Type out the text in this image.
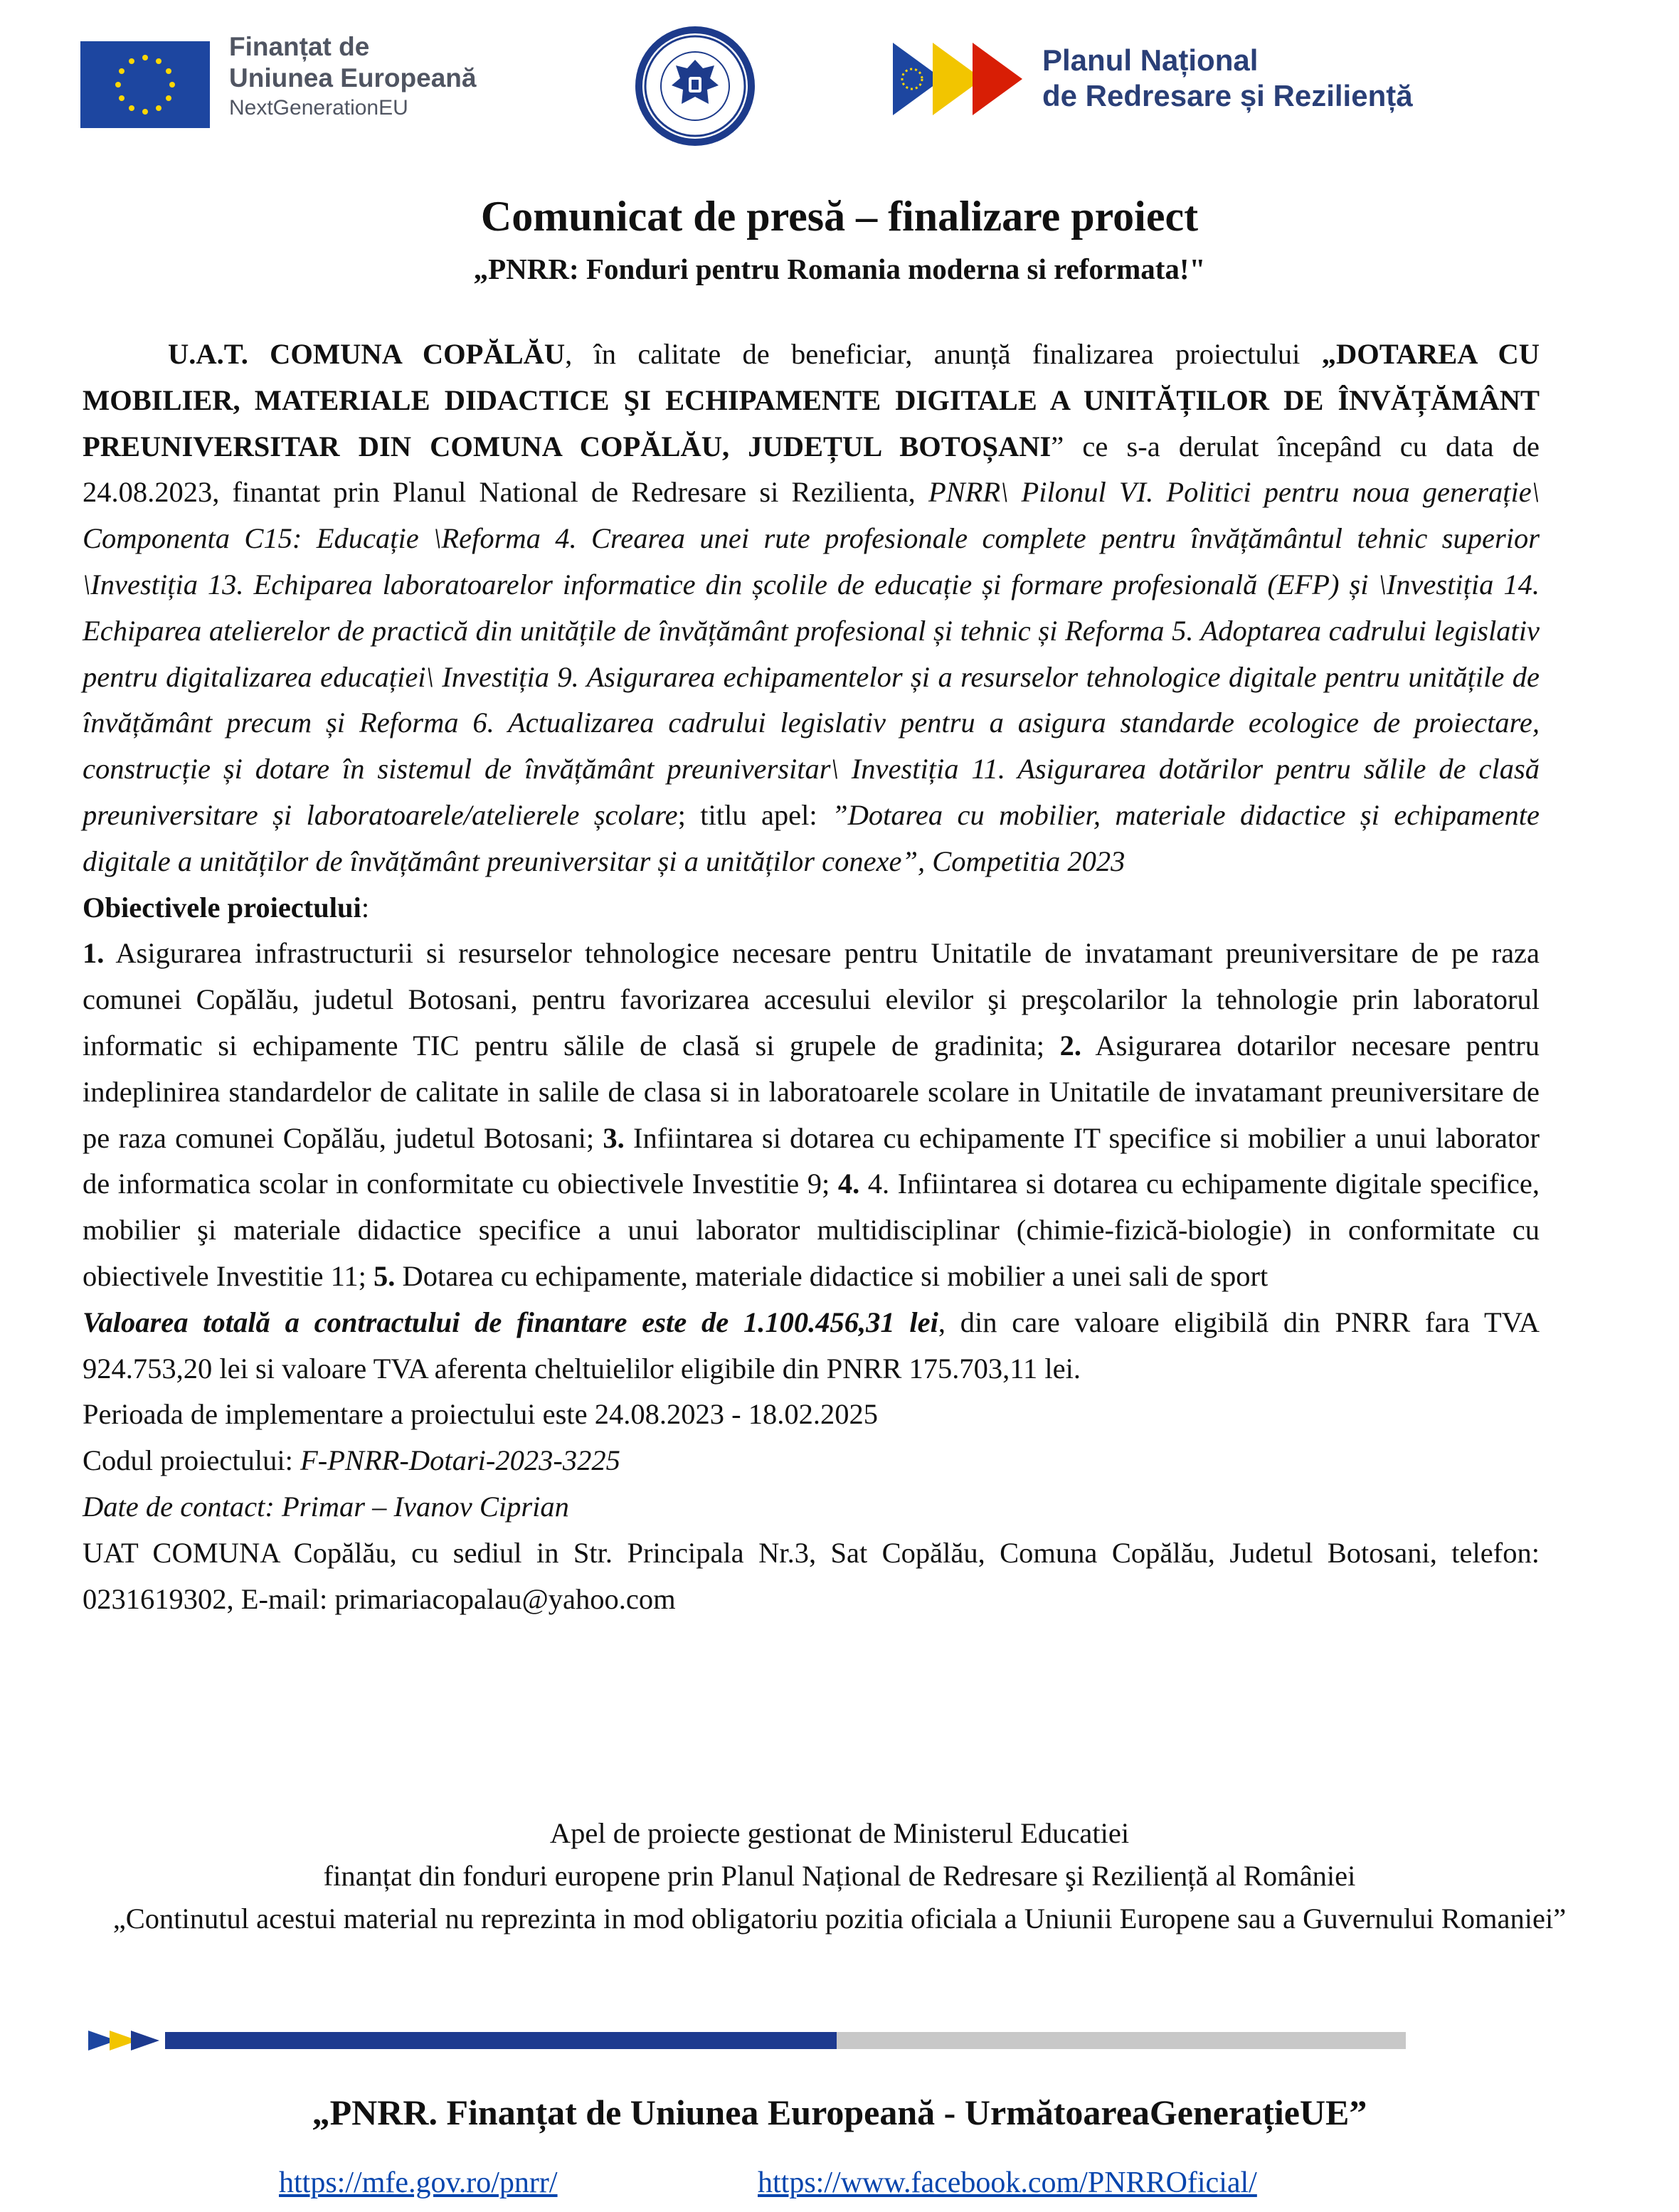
Finanțat de
Uniunea Europeană
NextGenerationEU
Planul Național
de Redresare și Reziliență
Comunicat de presă – finalizare proiect
„PNRR: Fonduri pentru Romania moderna si reformata!"

U.A.T. COMUNA COPĂLĂU, în calitate de beneficiar, anunță finalizarea proiectului „DOTAREA CU MOBILIER, MATERIALE DIDACTICE ŞI ECHIPAMENTE DIGITALE A UNITĂȚILOR DE ÎNVĂȚĂMÂNT PREUNIVERSITAR DIN COMUNA COPĂLĂU, JUDEȚUL BOTOȘANI” ce s-a derulat începând cu data de 24.08.2023, finantat prin Planul National de Redresare si Rezilienta, PNRR\ Pilonul VI. Politici pentru noua generație\ Componenta C15: Educație \Reforma 4. Crearea unei rute profesionale complete pentru învățământul tehnic superior \Investiția 13. Echiparea laboratoarelor informatice din școlile de educație și formare profesională (EFP) și \Investiția 14. Echiparea atelierelor de practică din unitățile de învățământ profesional și tehnic și Reforma 5. Adoptarea cadrului legislativ pentru digitalizarea educației\ Investiția 9. Asigurarea echipamentelor și a resurselor tehnologice digitale pentru unitățile de învățământ precum și Reforma 6. Actualizarea cadrului legislativ pentru a asigura standarde ecologice de proiectare, construcție și dotare în sistemul de învățământ preuniversitar\ Investiția 11. Asigurarea dotărilor pentru sălile de clasă preuniversitare și laboratoarele/atelierele școlare; titlu apel: ”Dotarea cu mobilier, materiale didactice și echipamente digitale a unităților de învățământ preuniversitar și a unităților conexe”, Competitia 2023

Obiectivele proiectului:

1. Asigurarea infrastructurii si resurselor tehnologice necesare pentru Unitatile de invatamant preuniversitare de pe raza comunei Copălău, judetul Botosani, pentru favorizarea accesului elevilor şi preşcolarilor la tehnologie prin laboratorul informatic si echipamente TIC pentru sălile de clasă si grupele de gradinita; 2. Asigurarea dotarilor necesare pentru indeplinirea standardelor de calitate in salile de clasa si in laboratoarele scolare in Unitatile de invatamant preuniversitare de pe raza comunei Copălău, judetul Botosani; 3. Infiintarea si dotarea cu echipamente IT specifice si mobilier a unui laborator de informatica scolar in conformitate cu obiectivele Investitie 9; 4. 4. Infiintarea si dotarea cu echipamente digitale specifice, mobilier şi materiale didactice specifice a unui laborator multidisciplinar (chimie-fizică-biologie) in conformitate cu obiectivele Investitie 11; 5. Dotarea cu echipamente, materiale didactice si mobilier a unei sali de sport

Valoarea totală a contractului de finantare este de 1.100.456,31 lei, din care valoare eligibilă din PNRR fara TVA 924.753,20 lei si valoare TVA aferenta cheltuielilor eligibile din PNRR 175.703,11 lei.

Perioada de implementare a proiectului este 24.08.2023 - 18.02.2025

Codul proiectului: F-PNRR-Dotari-2023-3225

Date de contact: Primar – Ivanov Ciprian

UAT COMUNA Copălău, cu sediul in Str. Principala Nr.3, Sat Copălău, Comuna Copălău, Judetul Botosani, telefon: 0231619302, E-mail: primariacopalau@yahoo.com

Apel de proiecte gestionat de Ministerul Educatiei

finanțat din fonduri europene prin Planul Național de Redresare şi Reziliență al României

„Continutul acestui material nu reprezinta in mod obligatoriu pozitia oficiala a Uniunii Europene sau a Guvernului Romaniei”

„PNRR. Finanțat de Uniunea Europeană - UrmătoareaGenerațieUE”
https://mfe.gov.ro/pnrr/	https://www.facebook.com/PNRROficial/
